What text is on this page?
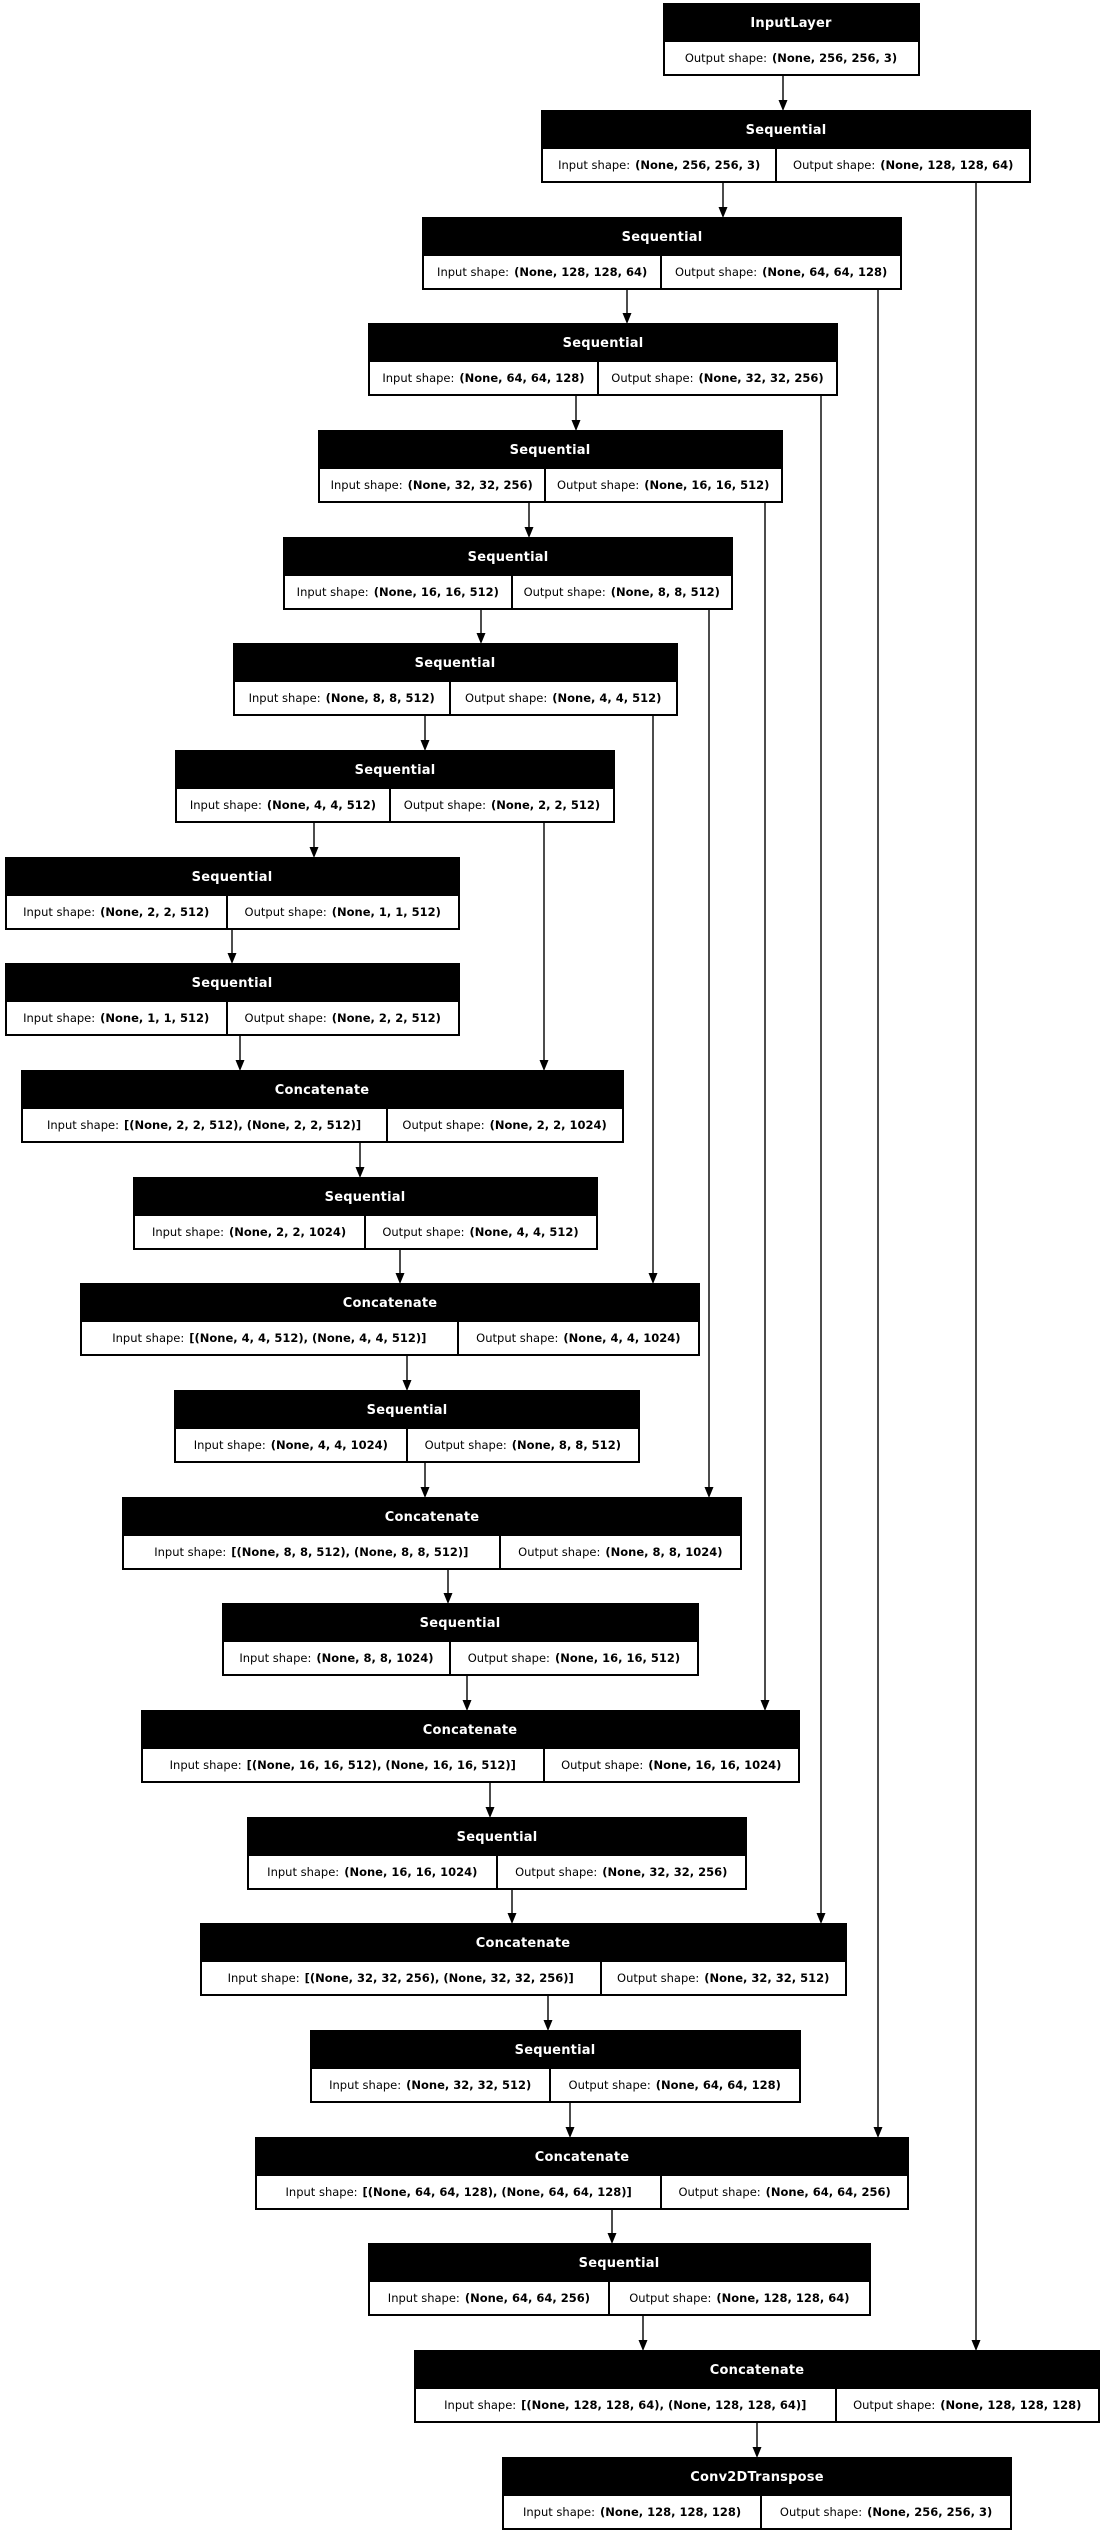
InputLayer
Output shape: (None, 256, 256, 3)
Sequential
Input shape: (None, 256, 256, 3)	Output shape: (None, 128, 128, 64)
Sequential
Input shape: (None, 128, 128, 64) Output shape: (None, 64, 64, 128)
Sequential
Input shape: (None, 64, 64, 128) Output shape: (None, 32, 32, 256)
Sequential
Input shape: (None, 32, 32, 256) Output shape: (None, 16, 16, 512)
Sequential
Input shape: (None, 16, 16, 512) Output shape: (None, 8, 8, 512)
Sequential
Input shape: (None, 8, 8, 512)	Output shape: (None, 4, 4, 512)
Sequential
Input shape: (None, 4, 4, 512) Output shape: (None, 2, 2, 512)
Sequential
Input shape: (None, 2, 2, 512)	Output shape: (None, 1, 1, 512)
Sequential
Input shape: (None, 1, 1, 512)	Output shape: (None, 2, 2, 512)
Concatenate
Input shape: [(None, 2, 2, 512), (None, 2, 2, 512)]	Output shape: (None, 2, 2, 1024)
Sequential
Input shape: (None, 2, 2, 1024)	Output shape: (None, 4, 4, 512)
Concatenate
Input shape: [(None, 4, 4, 512), (None, 4, 4, 512)]	Output shape: (None, 4, 4, 1024)
Sequential
Input shape: (None, 4, 4, 1024)	Output shape: (None, 8, 8, 512)
Concatenate
Input shape: [(None, 8, 8, 512), (None, 8, 8, 512)]	Output shape: (None, 8, 8, 1024)
Sequential
Input shape: (None, 8, 8, 1024)	Output shape: (None, 16, 16, 512)
Concatenate
Input shape: [(None, 16, 16, 512), (None, 16, 16, 512)]	Output shape: (None, 16, 16, 1024)
Sequential
Input shape: (None, 16, 16, 1024)	Output shape: (None, 32, 32, 256)
Concatenate
Input shape: [(None, 32, 32, 256), (None, 32, 32, 256)]	Output shape: (None, 32, 32, 512)
Sequential
Input shape: (None, 32, 32, 512)	Output shape: (None, 64, 64, 128)
Concatenate
Input shape: [(None, 64, 64, 128), (None, 64, 64, 128)]	Output shape: (None, 64, 64, 256)
Sequential
Input shape: (None, 64, 64, 256)	Output shape: (None, 128, 128, 64)
Concatenate
Input shape: [(None, 128, 128, 64), (None, 128, 128, 64)]	Output shape: (None, 128, 128, 128)
Conv2DTranspose
Input shape: (None, 128, 128, 128)	Output shape: (None, 256, 256, 3)
